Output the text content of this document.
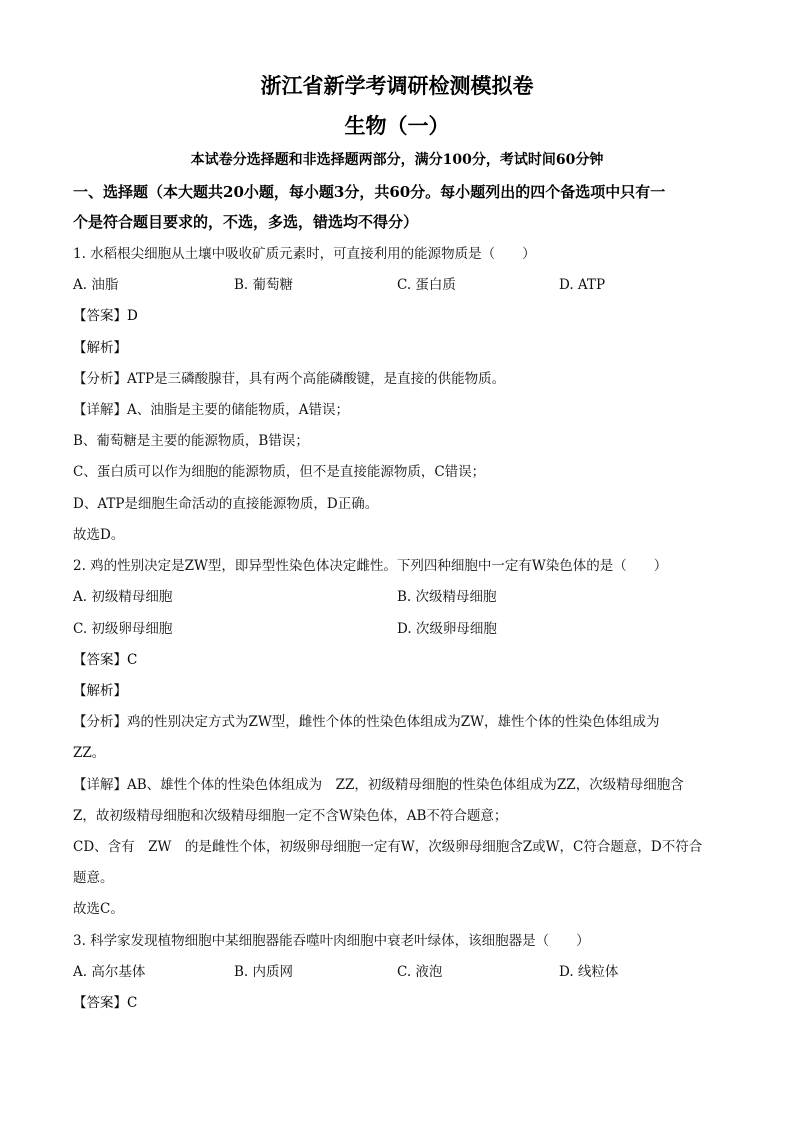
浙江省新学考调研检测模拟卷
生物（一）
本试卷分选择题和非选择题两部分，满分100分，考试时间60分钟
一、选择题（本大题共20小题，每小题3分，共60分。每小题列出的四个备选项中只有一
个是符合题目要求的，不选，多选，错选均不得分）
1. 水稻根尖细胞从土壤中吸收矿质元素时，可直接利用的能源物质是（　　）
A. 油脂	B. 葡萄糖	C. 蛋白质	D. ATP
【答案】D
【解析】
【分析】ATP是三磷酸腺苷，具有两个高能磷酸键，是直接的供能物质。
【详解】A、油脂是主要的储能物质，A错误；
B、葡萄糖是主要的能源物质，B错误；
C、蛋白质可以作为细胞的能源物质，但不是直接能源物质，C错误；
D、ATP是细胞生命活动的直接能源物质，D正确。
故选D。
2. 鸡的性别决定是ZW型，即异型性染色体决定雌性。下列四种细胞中一定有W染色体的是（　　）
A. 初级精母细胞	B. 次级精母细胞
C. 初级卵母细胞	D. 次级卵母细胞
【答案】C
【解析】
【分析】鸡的性别决定方式为ZW型，雌性个体的性染色体组成为ZW，雄性个体的性染色体组成为
ZZ。
【详解】AB、雄性个体的性染色体组成为　ZZ，初级精母细胞的性染色体组成为ZZ，次级精母细胞含
Z，故初级精母细胞和次级精母细胞一定不含W染色体，AB不符合题意；
CD、含有　ZW　的是雌性个体，初级卵母细胞一定有W，次级卵母细胞含Z或W，C符合题意，D不符合
题意。
故选C。
3. 科学家发现植物细胞中某细胞器能吞噬叶肉细胞中衰老叶绿体，该细胞器是（　　）
A. 高尔基体	B. 内质网	C. 液泡	D. 线粒体
【答案】C
